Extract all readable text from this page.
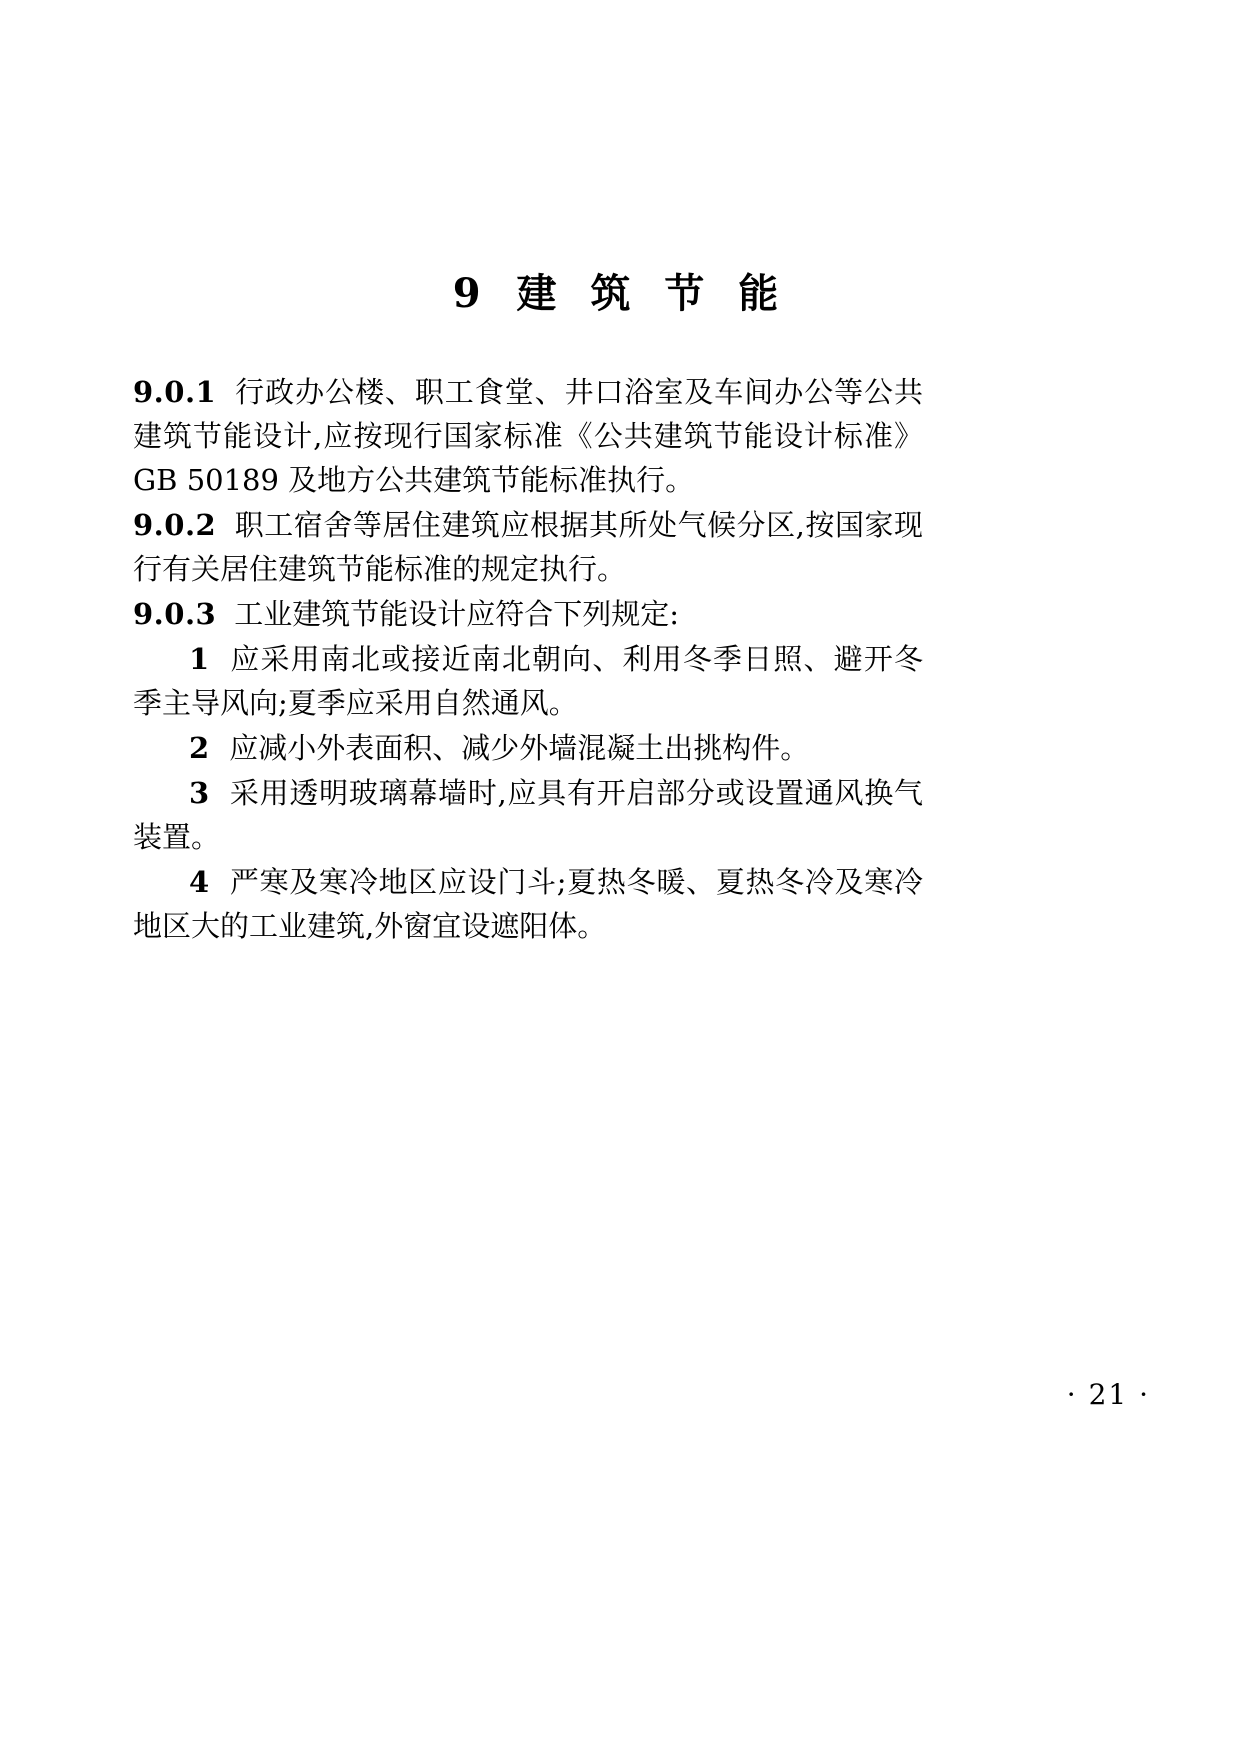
9 建 筑 节 能

9.0.1 行政办公楼、职工食堂、井口浴室及车间办公等公共建筑节能设计,应按现行国家标准《公共建筑节能设计标准》GB 50189 及地方公共建筑节能标准执行。

9.0.2 职工宿舍等居住建筑应根据其所处气候分区,按国家现行有关居住建筑节能标准的规定执行。

9.0.3 工业建筑节能设计应符合下列规定:

1 应采用南北或接近南北朝向、利用冬季日照、避开冬季主导风向;夏季应采用自然通风。

2 应减小外表面积、减少外墙混凝土出挑构件。

3 采用透明玻璃幕墙时,应具有开启部分或设置通风换气装置。

4 严寒及寒冷地区应设门斗;夏热冬暖、夏热冬冷及寒冷地区大的工业建筑,外窗宜设遮阳体。

· 21 ·
